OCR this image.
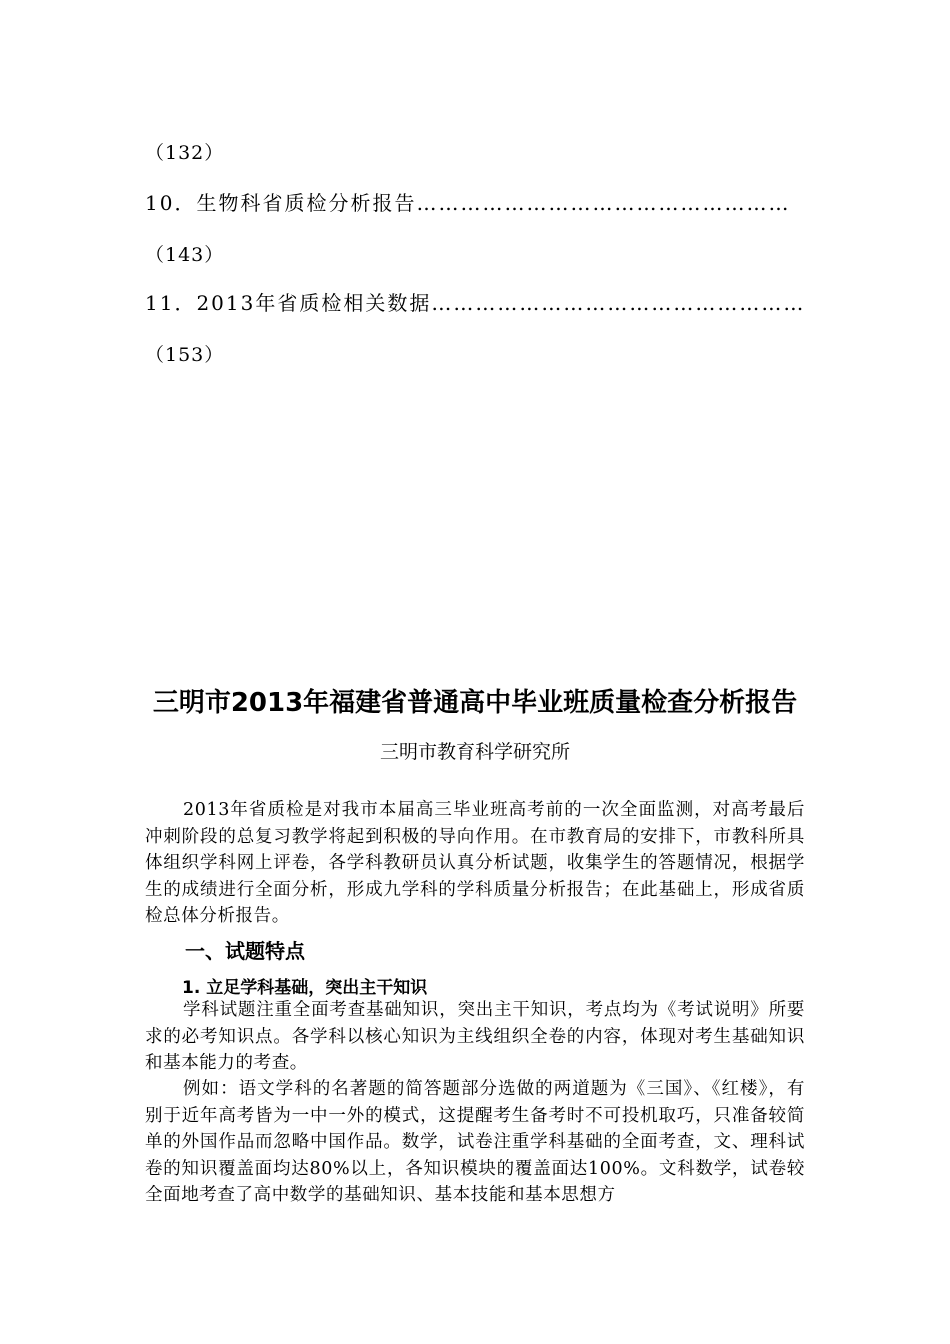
（132）
10．生物科省质检分析报告……………………………………………
（143）
11．2013年省质检相关数据……………………………………………
（153）
三明市2013年福建省普通高中毕业班质量检查分析报告
三明市教育科学研究所
2013年省质检是对我市本届高三毕业班高考前的一次全面监测，对高考最后冲刺阶段的总复习教学将起到积极的导向作用。在市教育局的安排下，市教科所具体组织学科网上评卷，各学科教研员认真分析试题，收集学生的答题情况，根据学生的成绩进行全面分析，形成九学科的学科质量分析报告；在此基础上，形成省质检总体分析报告。
一、试题特点
1. 立足学科基础，突出主干知识
学科试题注重全面考查基础知识，突出主干知识，考点均为《考试说明》所要求的必考知识点。各学科以核心知识为主线组织全卷的内容，体现对考生基础知识和基本能力的考查。
例如：语文学科的名著题的简答题部分选做的两道题为《三国》、《红楼》，有别于近年高考皆为一中一外的模式，这提醒考生备考时不可投机取巧，只准备较简单的外国作品而忽略中国作品。数学，试卷注重学科基础的全面考查，文、理科试卷的知识覆盖面均达80%以上，各知识模块的覆盖面达100%。文科数学，试卷较全面地考查了高中数学的基础知识、基本技能和基本思想方
